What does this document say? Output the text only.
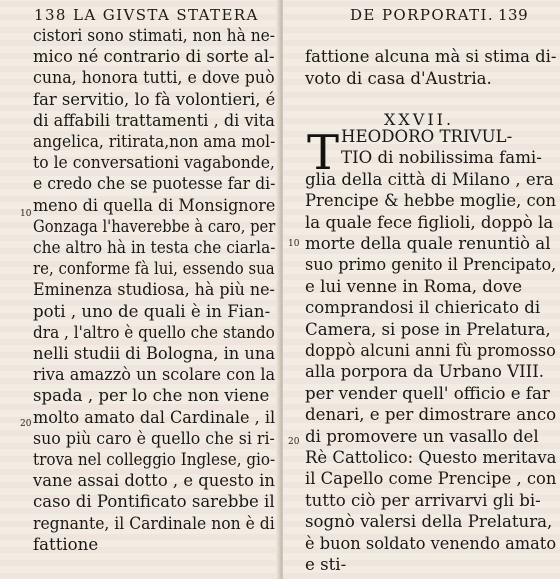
138 LA GIVSTA STATERA
10
20
cistori sono stimati, non hà ne-
mico né contrario di sorte al-
cuna, honora tutti, e dove può
far servitio, lo fà volontieri, é
di affabili trattamenti , di vita
angelica, ritirata,non ama mol-
to le conversationi vagabonde,
e credo che se puotesse far di-
meno di quella di Monsignore
Gonzaga l'haverebbe à caro, per
che altro hà in testa che ciarla-
re, conforme fà lui, essendo sua
Eminenza studiosa, hà più ne-
poti , uno de quali è in Fian-
dra , l'altro è quello che stando
nelli studii di Bologna, in una
riva amazzò un scolare con la
spada , per lo che non viene
molto amato dal Cardinale , il
suo più caro è quello che si ri-
trova nel colleggio Inglese, gio-
vane assai dotto , e questo in
caso di Pontificato sarebbe il
regnante, il Cardinale non è di
fattione
DE PORPORATI. 139
fattione alcuna mà si stima di-
voto di casa d'Austria.
XXVII.
T
10
20
HEODORO TRIVUL-
TIO di nobilissima fami-
glia della città di Milano , era
Prencipe & hebbe moglie, con
la quale fece figlioli, doppò la
morte della quale renuntiò al
suo primo genito il Prencipato,
e lui venne in Roma, dove
comprandosi il chiericato di
Camera, si pose in Prelatura,
doppò alcuni anni fù promosso
alla porpora da Urbano VIII.
per vender quell' officio e far
denari, e per dimostrare anco
di promovere un vasallo del
Rè Cattolico: Questo meritava
il Capello come Prencipe , con
tutto ciò per arrivarvi gli bi-
sognò valersi della Prelatura,
è buon soldato venendo amato
e sti-
